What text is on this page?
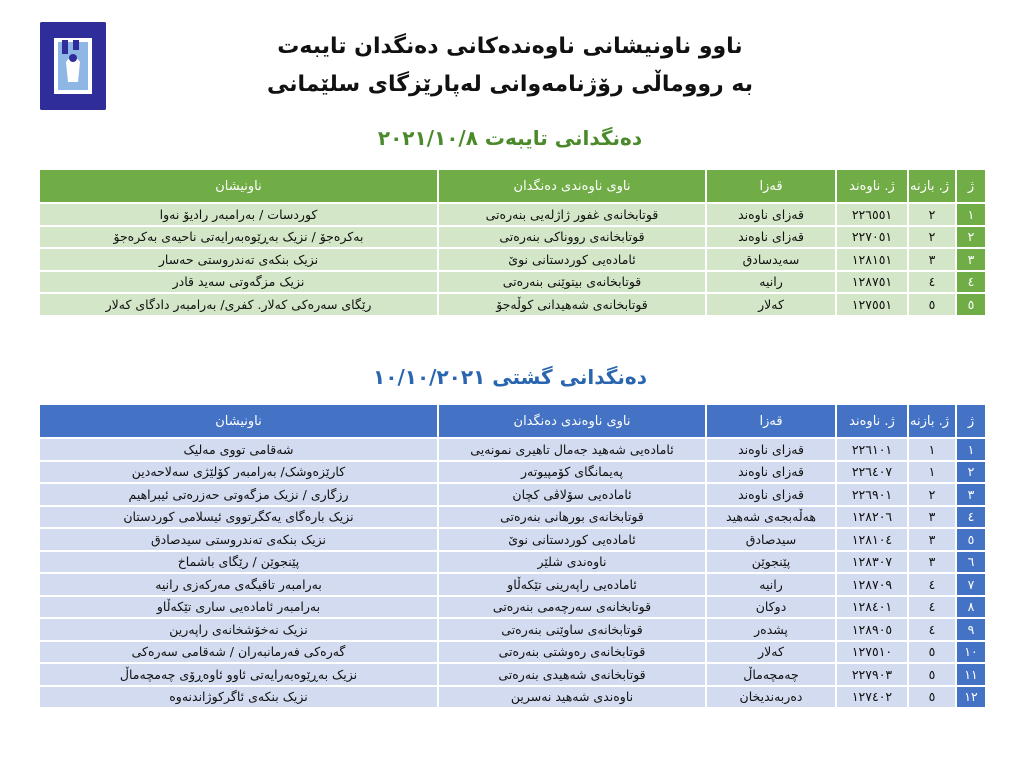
ناوو ناونیشانی ناوەندەکانی دەنگدان تایبەت
بە رووماڵی رۆژنامەوانی لەپارێزگای سلێمانی
دەنگدانی تایبەت ٢٠٢١/١٠/٨
ژ	ژ. بازنە	ژ. ناوەند	قەزا	ناوی ناوەندی دەنگدان	ناونیشان
١	٢	٢٢٦٥٥١	قەزای ناوەند	قوتابخانەی غفور ژاژلەیی بنەرەتی	کوردسات / بەرامبەر رادیۆ نەوا
٢	٢	٢٢٧٠٥١	قەزای ناوەند	قوتابخانەی رووناکی بنەرەتی	بەکرەجۆ / نزیک بەڕێوەبەرایەتی ناحیەی بەکرەجۆ
٣	٣	١٢٨١٥١	سەیدسادق	ئامادەیی کوردستانی نوێ	نزیک بنکەی تەندروستی حەسار
٤	٤	١٢٨٧٥١	رانیە	قوتابخانەی بیتوێنی بنەرەتی	نزیک مزگەوتی سەید قادر
٥	٥	١٢٧٥٥١	کەلار	قوتابخانەی شەهیدانی کوڵەجۆ	رێگای سەرەکی کەلار. کفری/ بەرامبەر دادگای کەلار
دەنگدانی گشتی ١٠/١٠/٢٠٢١
ژ	ژ. بازنە	ژ. ناوەند	قەزا	ناوی ناوەندی دەنگدان	ناونیشان
١	١	٢٢٦١٠١	قەزای ناوەند	ئامادەیی شەهید جەمال تاهیری نمونەیی	شەقامی تووی مەلیک
٢	١	٢٢٦٤٠٧	قەزای ناوەند	پەیمانگای کۆمپیوتەر	کارێزەوشک/ بەرامبەر کۆلێژی سەلاحەدین
٣	٢	٢٢٦٩٠١	قەزای ناوەند	ئامادەیی سۆلاڤی کچان	رزگاری / نزیک مزگەوتی حەزرەتی ئیبراهیم
٤	٣	١٢٨٢٠٦	هەڵەبجەی شەهید	قوتابخانەی بورهانی بنەرەتی	نزیک بارەگای یەکگرتووی ئیسلامی کوردستان
٥	٣	١٢٨١٠٤	سیدصادق	ئامادەیی کوردستانی نوێ	نزیک بنکەی تەندروستی سیدصادق
٦	٣	١٢٨٣٠٧	پێنجوێن	ناوەندی شلێر	پێنجوێن / رێگای باشماخ
٧	٤	١٢٨٧٠٩	رانیە	ئامادەیی راپەرینی تێکەڵاو	بەرامبەر تاقیگەی مەرکەزی رانیە
٨	٤	١٢٨٤٠١	دوکان	قوتابخانەی سەرچەمی بنەرەتی	بەرامبەر ئامادەیی ساری تێکەڵاو
٩	٤	١٢٨٩٠٥	پشدەر	قوتابخانەی ساوێنی بنەرەتی	نزیک نەخۆشخانەی راپەرین
١٠	٥	١٢٧٥١٠	کەلار	قوتابخانەی رەوشتی بنەرەتی	گەرەکی فەرمانبەران / شەقامی سەرەکی
١١	٥	٢٢٧٩٠٣	چەمچەماڵ	قوتابخانەی شەهیدی بنەرەتی	نزیک بەڕێوەبەرایەتی ئاوو ئاوەڕۆی چەمچەماڵ
١٢	٥	١٢٧٤٠٢	دەربەندیخان	ناوەندی شەهید نەسرین	نزیک بنکەی ئاگرکوژاندنەوە
